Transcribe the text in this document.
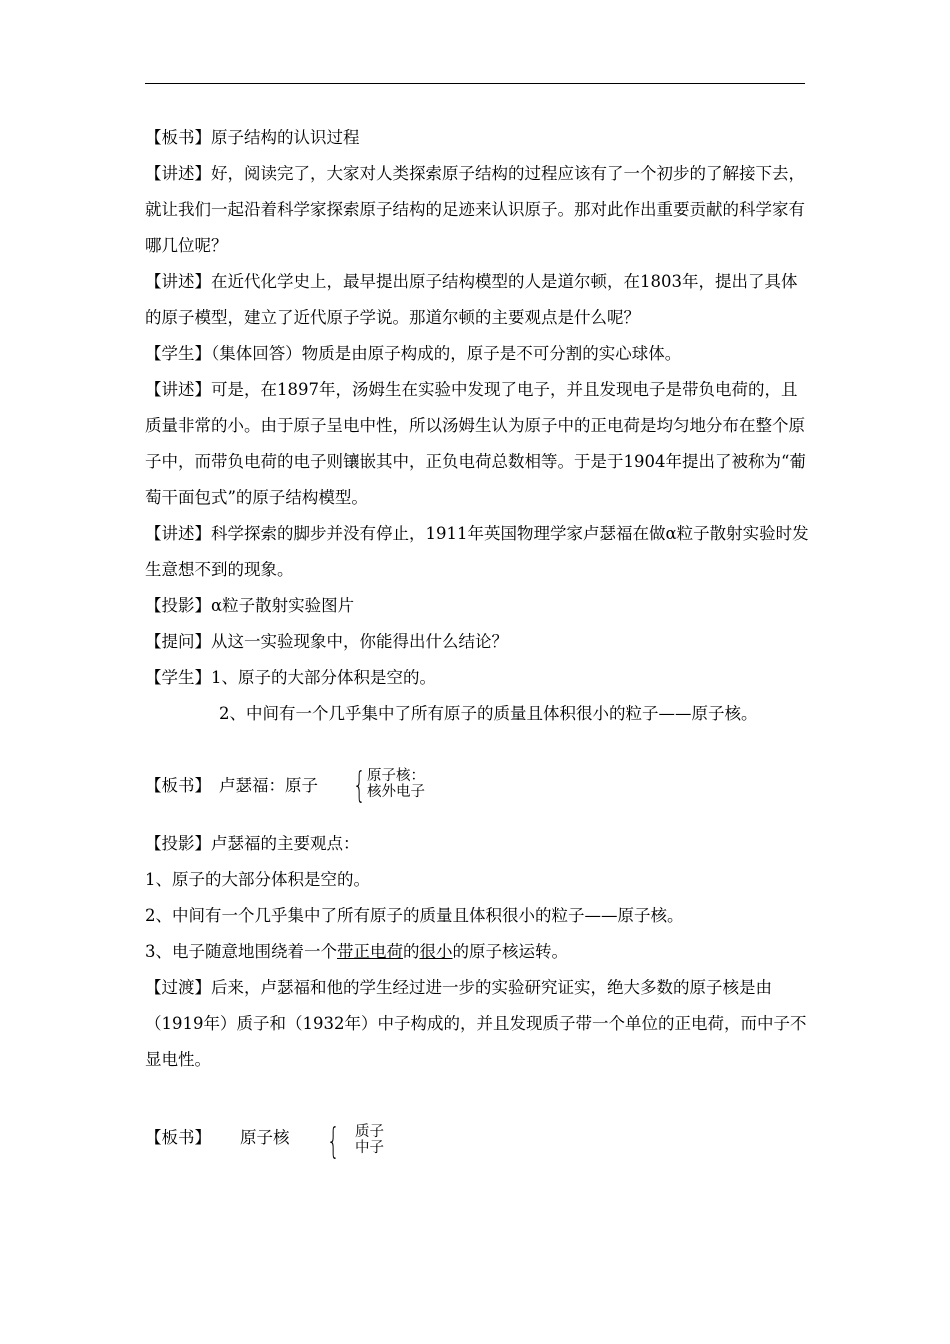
【板书】原子结构的认识过程

【讲述】好，阅读完了，大家对人类探索原子结构的过程应该有了一个初步的了解接下去，就让我们一起沿着科学家探索原子结构的足迹来认识原子。那对此作出重要贡献的科学家有哪几位呢？

【讲述】在近代化学史上，最早提出原子结构模型的人是道尔顿，在1803年，提出了具体的原子模型，建立了近代原子学说。那道尔顿的主要观点是什么呢？

【学生】（集体回答）物质是由原子构成的，原子是不可分割的实心球体。

【讲述】可是，在1897年，汤姆生在实验中发现了电子，并且发现电子是带负电荷的，且质量非常的小。由于原子呈电中性，所以汤姆生认为原子中的正电荷是均匀地分布在整个原子中，而带负电荷的电子则镶嵌其中，正负电荷总数相等。于是于1904年提出了被称为“葡萄干面包式”的原子结构模型。

【讲述】科学探索的脚步并没有停止，1911年英国物理学家卢瑟福在做α粒子散射实验时发生意想不到的现象。

【投影】α粒子散射实验图片

【提问】从这一实验现象中，你能得出什么结论？

【学生】1、原子的大部分体积是空的。

2、中间有一个几乎集中了所有原子的质量且体积很小的粒子——原子核。

【板书】 卢瑟福：原子 { 原子核：
核外电子

【投影】卢瑟福的主要观点：

1、原子的大部分体积是空的。

2、中间有一个几乎集中了所有原子的质量且体积很小的粒子——原子核。

3、电子随意地围绕着一个带正电荷的很小的原子核运转。

【过渡】后来，卢瑟福和他的学生经过进一步的实验研究证实，绝大多数的原子核是由（1919年）质子和（1932年）中子构成的，并且发现质子带一个单位的正电荷，而中子不显电性。

【板书】 原子核 { 质子
中子
